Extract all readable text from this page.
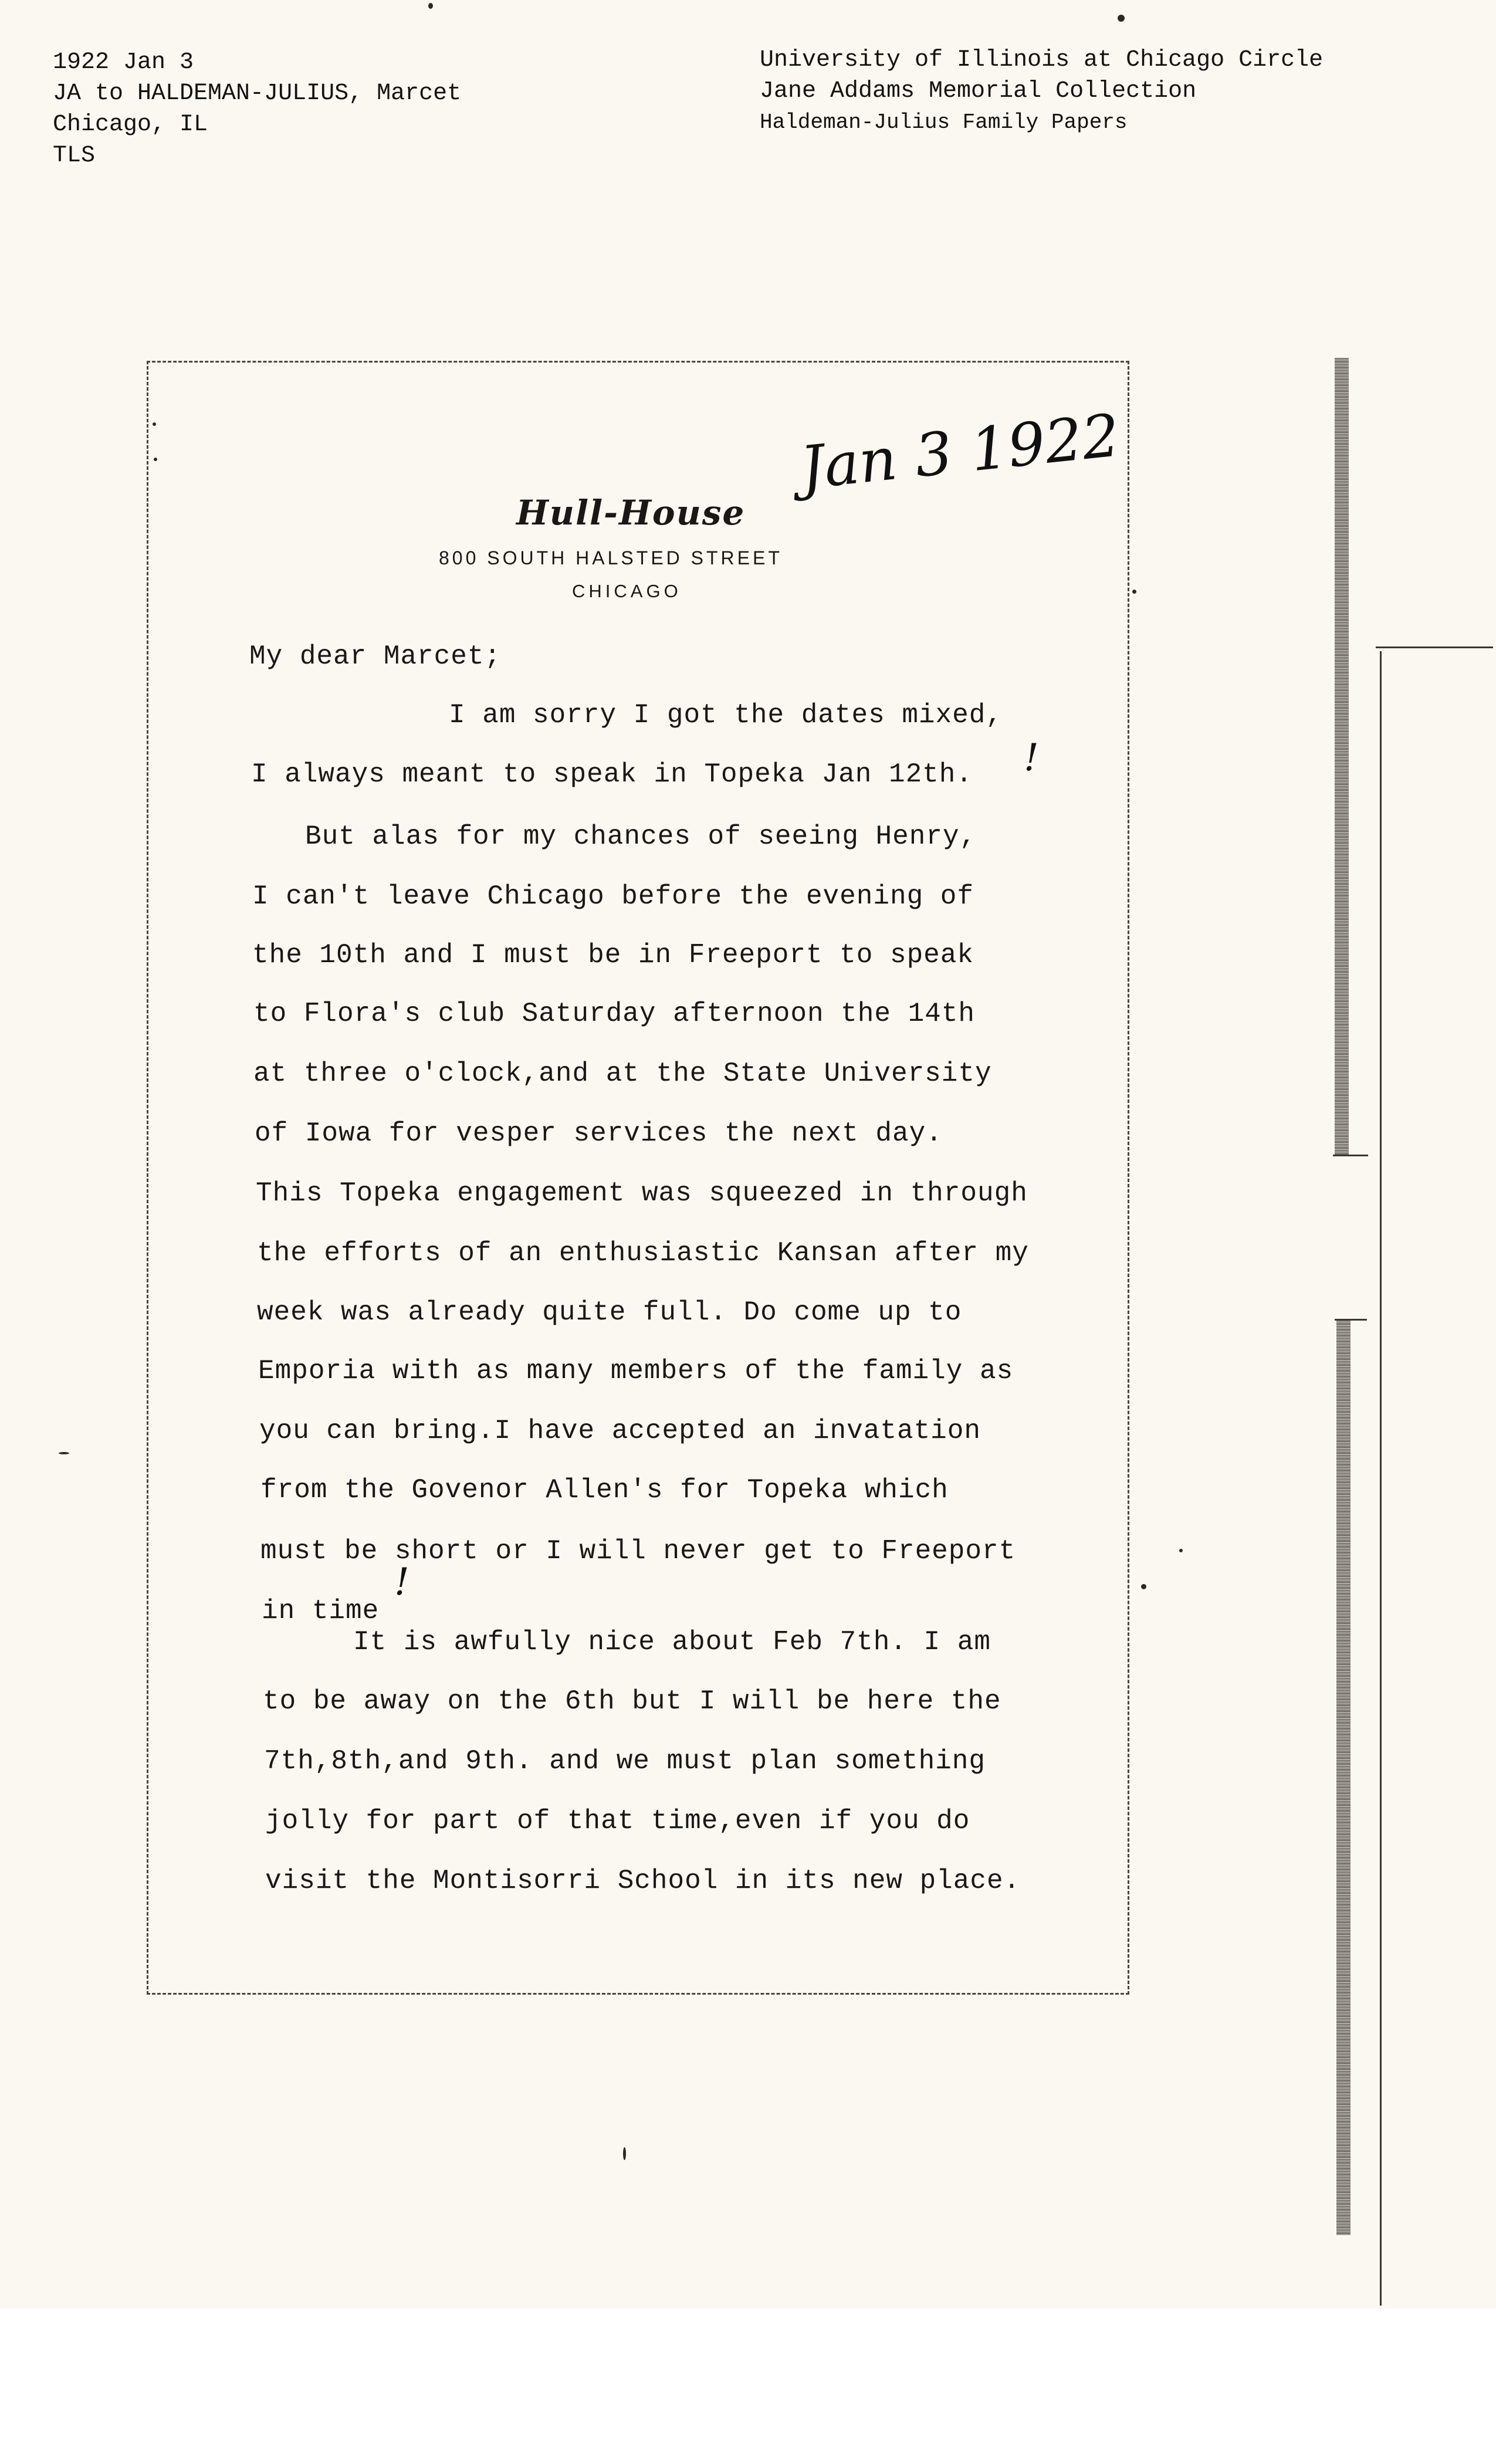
1922 Jan 3
JA to HALDEMAN-JULIUS, Marcet
Chicago, IL
TLS
University of Illinois at Chicago Circle
Jane Addams Memorial Collection
Haldeman-Julius Family Papers
Hull-House
800 SOUTH HALSTED STREET
CHICAGO
Jan 3 1922
My dear Marcet;
I am sorry I got the dates mixed,
I always meant to speak in Topeka Jan 12th.
But alas for my chances of seeing Henry,
I can't leave Chicago before the evening of
the 10th and I must be in Freeport to speak
to Flora's club Saturday afternoon the 14th
at three o'clock,and at the State University
of Iowa for vesper services the next day.
This Topeka engagement was squeezed in through
the efforts of an enthusiastic Kansan after my
week was already quite full. Do come up to
Emporia with as many members of the family as
you can bring.I have accepted an invatation
from the Govenor Allen's for Topeka which
must be short or I will never get to Freeport
in time
It is awfully nice about Feb 7th. I am
to be away on the 6th but I will be here the
7th,8th,and 9th. and we must plan something
jolly for part of that time,even if you do
visit the Montisorri School in its new place.
!
!
